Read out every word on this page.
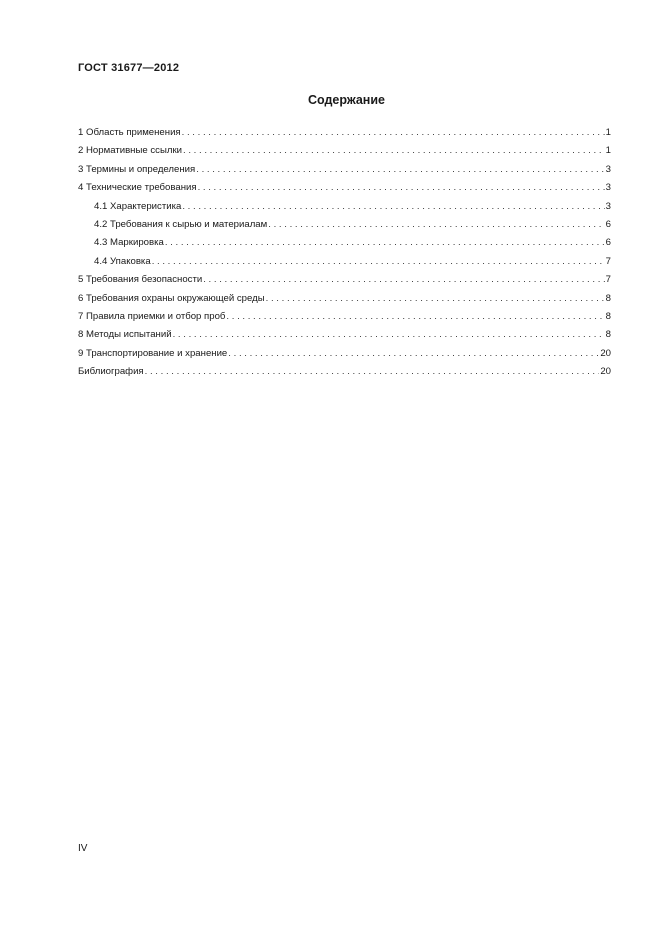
ГОСТ 31677—2012
Содержание
1 Область применения . . .	1
2 Нормативные ссылки . . .	1
3 Термины и определения . . .	3
4 Технические требования . . .	3
4.1 Характеристика . . .	3
4.2 Требования к сырью и материалам . . .	6
4.3 Маркировка . . .	6
4.4 Упаковка . . .	7
5 Требования безопасности . . .	7
6 Требования охраны окружающей среды . . .	8
7 Правила приемки и отбор проб . . .	8
8 Методы испытаний . . .	8
9 Транспортирование и хранение . . .	20
Библиография . . .	20
IV
